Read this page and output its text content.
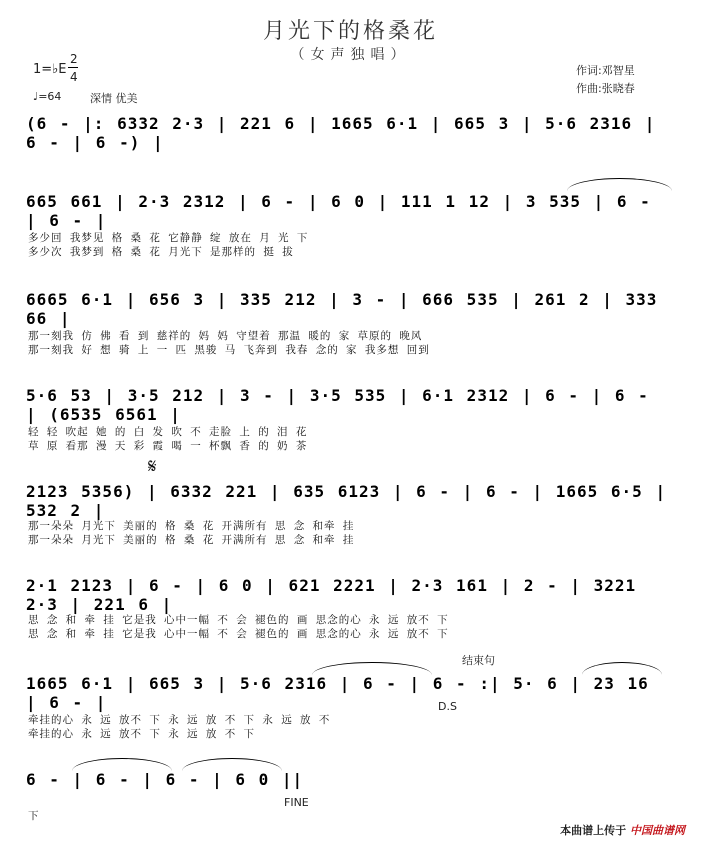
月光下的格桑花
（女声独唱）
1=♭E
2
4
♩=64	深情 优美
作词:邓智星
作曲:张晓春
(6 - |: 6332 2·3 | 221 6 | 1665 6·1 | 665 3 | 5·6 2316 | 6 - | 6 -) |
665 661 | 2·3 2312 | 6 - | 6 0 | 111 1 12 | 3 535 | 6 - | 6 - |
多少回 我梦见 格 桑 花 它静静 绽 放在 月 光 下
多少次 我梦到 格 桑 花 月光下 是那样的 挺 拔
6665 6·1 | 656 3 | 335 212 | 3 - | 666 535 | 261 2 | 333 66 |
那一刻我 仿 佛 看 到 慈祥的 妈 妈 守望着 那温 暖的 家 草原的 晚风
那一刻我 好 想 骑 上 一 匹 黑骏 马 飞奔到 我春 念的 家 我多想 回到
5·6 53 | 3·5 212 | 3 - | 3·5 535 | 6·1 2312 | 6 - | 6 - | (6535 6561 |
轻 轻 吹起 她 的 白 发 吹 不 走脸 上 的 泪 花
草 原 看那 漫 天 彩 霞 喝 一 杯飘 香 的 奶 茶
𝄋
2123 5356) | 6332 221 | 635 6123 | 6 - | 6 - | 1665 6·5 | 532 2 |
那一朵朵 月光下 美丽的 格 桑 花 开满所有 思 念 和牵 挂
那一朵朵 月光下 美丽的 格 桑 花 开满所有 思 念 和牵 挂
2·1 2123 | 6 - | 6 0 | 621 2221 | 2·3 161 | 2 - | 3221 2·3 | 221 6 |
思 念 和 牵 挂 它是我 心中一幅 不 会 褪色的 画 思念的心 永 远 放不 下
思 念 和 牵 挂 它是我 心中一幅 不 会 褪色的 画 思念的心 永 远 放不 下
结束句
1665 6·1 | 665 3 | 5·6 2316 | 6 - | 6 - :| 5· 6 | 23 16 | 6 - |	D.S
牵挂的心 永 远 放不 下 永 远 放 不 下 永 远 放 不
牵挂的心 永 远 放不 下 永 远 放 不 下
6 - | 6 - | 6 - | 6 0 ||
FINE
下
本曲谱上传于 中国曲谱网
